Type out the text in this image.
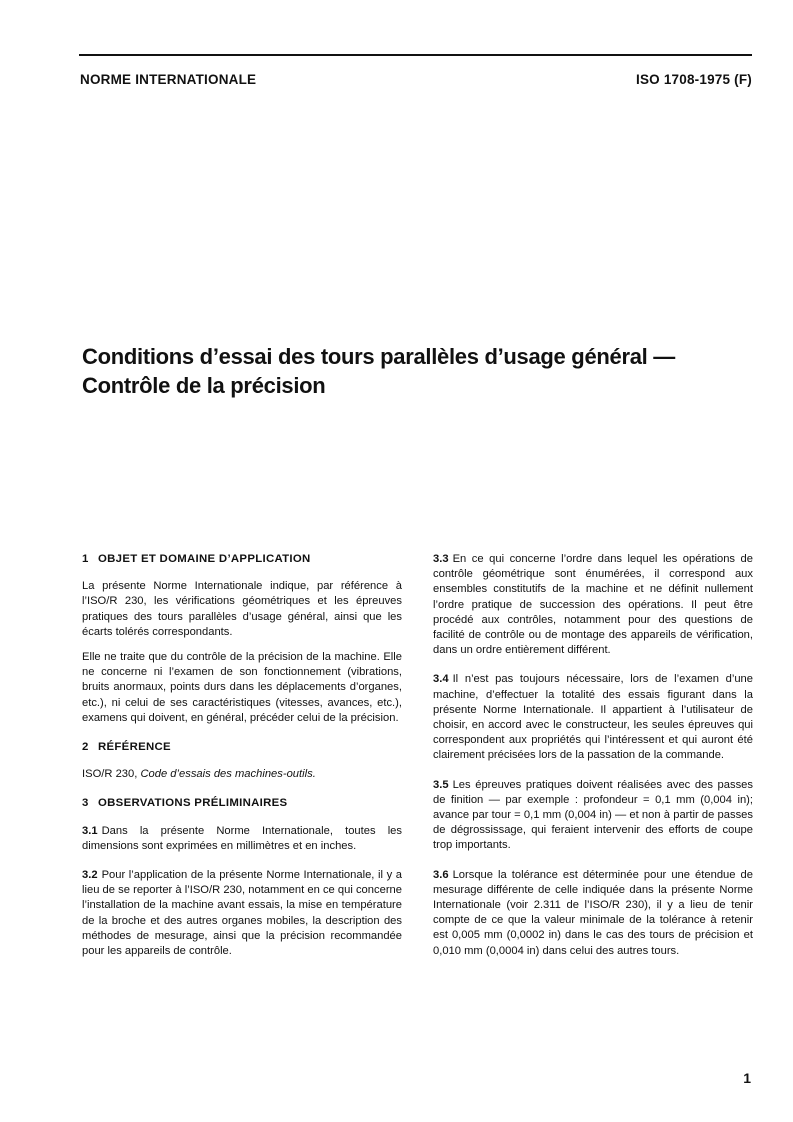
NORME INTERNATIONALE	ISO 1708-1975 (F)
Conditions d’essai des tours parallèles d’usage général —
Contrôle de la précision
1 OBJET ET DOMAINE D’APPLICATION

La présente Norme Internationale indique, par référence à l’ISO/R 230, les vérifications géométriques et les épreuves pratiques des tours parallèles d’usage général, ainsi que les écarts tolérés correspondants.

Elle ne traite que du contrôle de la précision de la machine. Elle ne concerne ni l’examen de son fonctionnement (vibrations, bruits anormaux, points durs dans les déplacements d’organes, etc.), ni celui de ses caractéristiques (vitesses, avances, etc.), examens qui doivent, en général, précéder celui de la précision.

2 RÉFÉRENCE

ISO/R 230, Code d’essais des machines-outils.

3 OBSERVATIONS PRÉLIMINAIRES

3.1 Dans la présente Norme Internationale, toutes les dimensions sont exprimées en millimètres et en inches.

3.2 Pour l’application de la présente Norme Internationale, il y a lieu de se reporter à l’ISO/R 230, notamment en ce qui concerne l’installation de la machine avant essais, la mise en température de la broche et des autres organes mobiles, la description des méthodes de mesurage, ainsi que la précision recommandée pour les appareils de contrôle.

3.3 En ce qui concerne l’ordre dans lequel les opérations de contrôle géométrique sont énumérées, il correspond aux ensembles constitutifs de la machine et ne définit nullement l’ordre pratique de succession des opérations. Il peut être procédé aux contrôles, notamment pour des questions de facilité de contrôle ou de montage des appareils de vérification, dans un ordre entièrement différent.

3.4 Il n’est pas toujours nécessaire, lors de l’examen d’une machine, d’effectuer la totalité des essais figurant dans la présente Norme Internationale. Il appartient à l’utilisateur de choisir, en accord avec le constructeur, les seules épreuves qui correspondent aux propriétés qui l’intéressent et qui auront été clairement précisées lors de la passation de la commande.

3.5 Les épreuves pratiques doivent réalisées avec des passes de finition — par exemple : profondeur = 0,1 mm (0,004 in); avance par tour = 0,1 mm (0,004 in) — et non à partir de passes de dégrossissage, qui feraient intervenir des efforts de coupe trop importants.

3.6 Lorsque la tolérance est déterminée pour une étendue de mesurage différente de celle indiquée dans la présente Norme Internationale (voir 2.311 de l’ISO/R 230), il y a lieu de tenir compte de ce que la valeur minimale de la tolérance à retenir est 0,005 mm (0,0002 in) dans le cas des tours de précision et 0,010 mm (0,0004 in) dans celui des autres tours.

1
